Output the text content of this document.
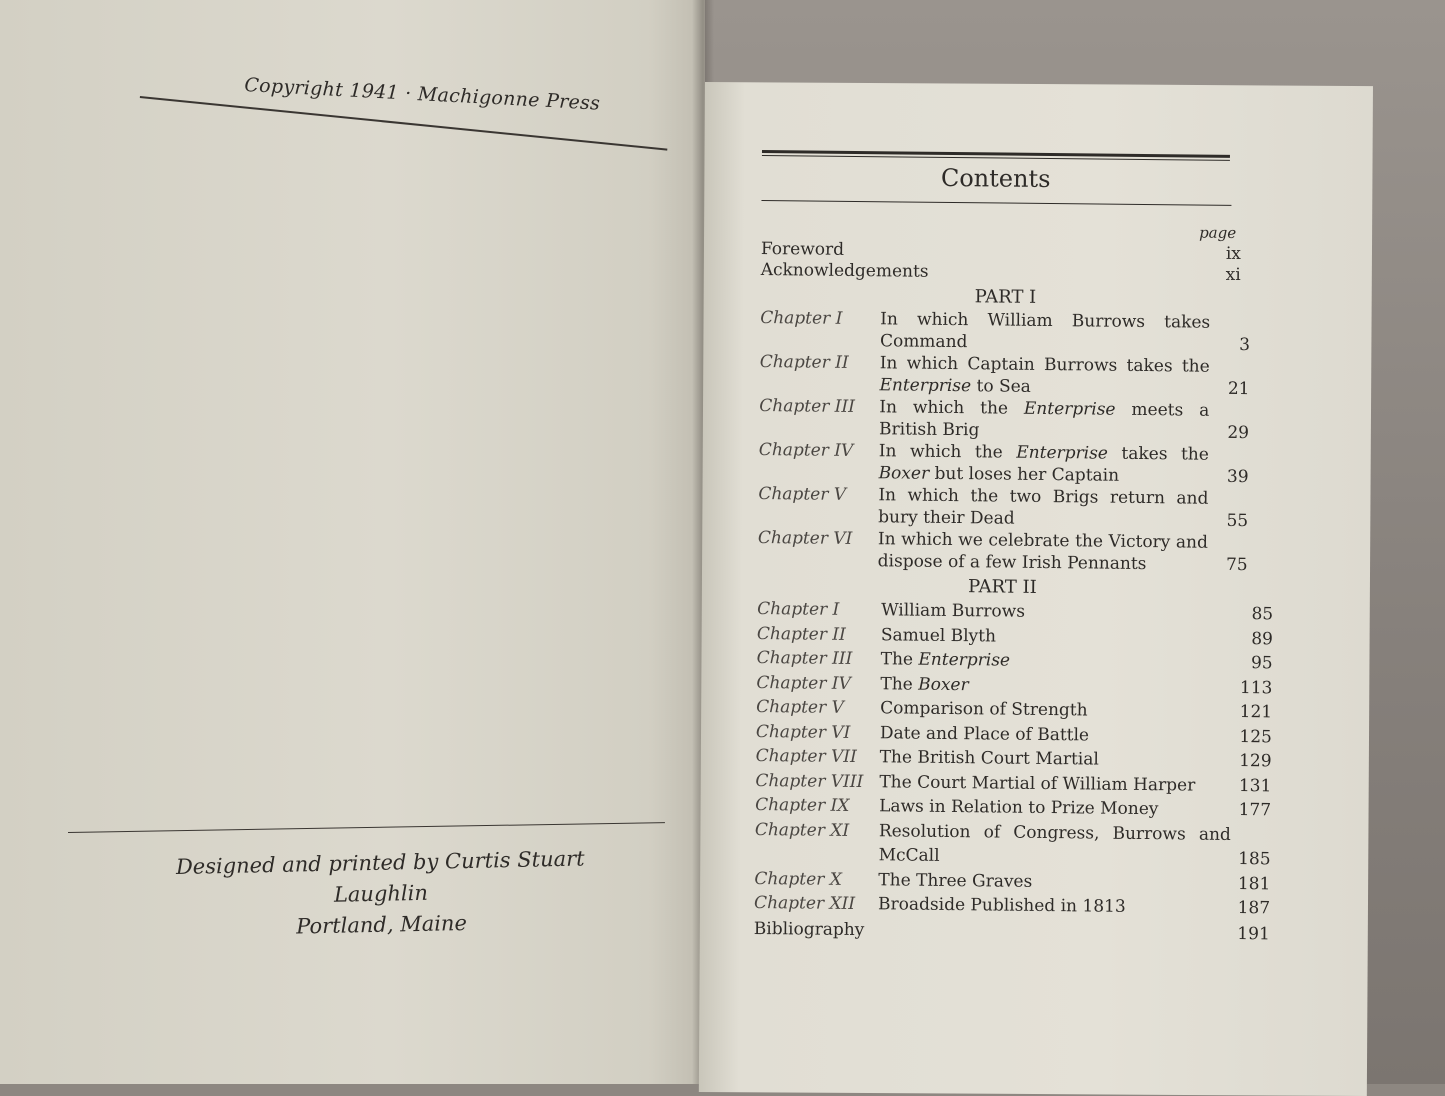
Copyright 1941 · Machigonne Press
Designed and printed by Curtis Stuart Laughlin
Portland, Maine
Contents
page
Foreword	ix
Acknowledgements	xi
PART I
Chapter I	In which William Burrows takes Command	3
Chapter II	In which Captain Burrows takes the Enterprise to Sea	21
Chapter III	In which the Enterprise meets a British Brig	29
Chapter IV	In which the Enterprise takes the Boxer but loses her Captain	39
Chapter V	In which the two Brigs return and bury their Dead	55
Chapter VI	In which we celebrate the Victory and dispose of a few Irish Pennants	75
PART II
Chapter I	William Burrows	85
Chapter II	Samuel Blyth	89
Chapter III	The Enterprise	95
Chapter IV	The Boxer	113
Chapter V	Comparison of Strength	121
Chapter VI	Date and Place of Battle	125
Chapter VII	The British Court Martial	129
Chapter VIII The Court Martial of William Harper	131
Chapter IX	Laws in Relation to Prize Money	177
Chapter XI	Resolution of Congress, Burrows and McCall	185
Chapter X	The Three Graves	181
Chapter XII	Broadside Published in 1813	187
Bibliography	191
